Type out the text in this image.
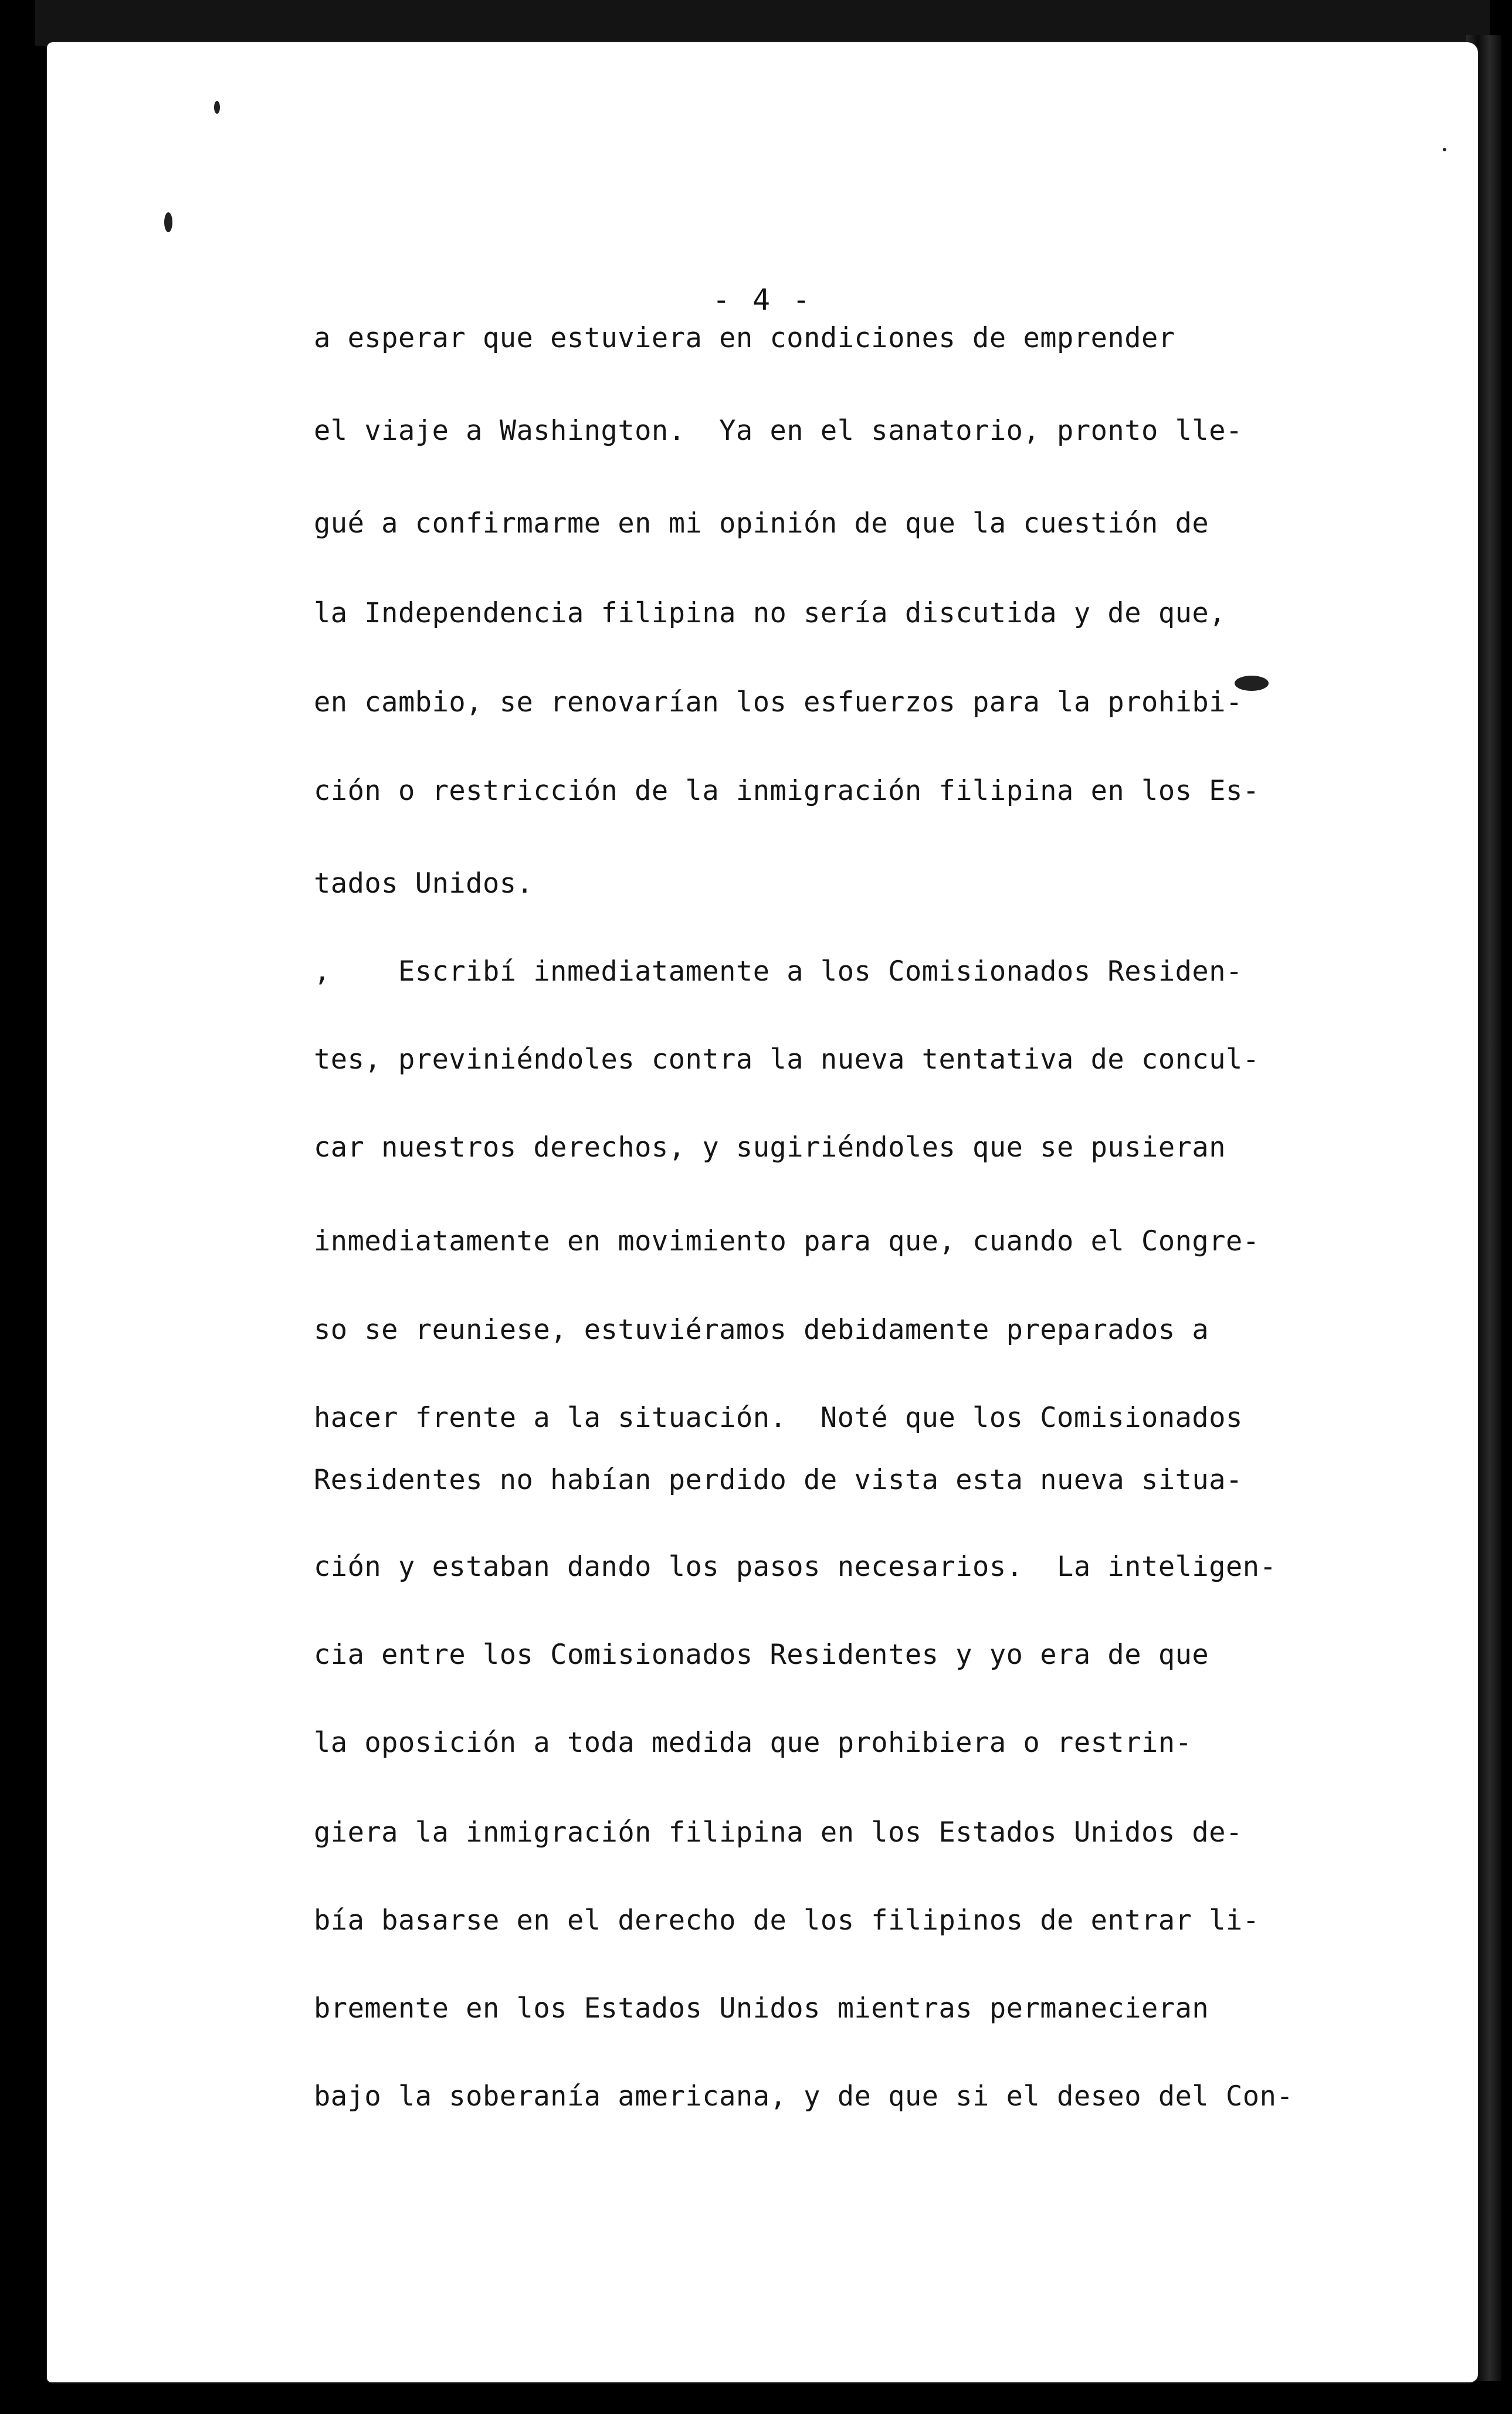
- 4 -
a esperar que estuviera en condiciones de emprender
el viaje a Washington.  Ya en el sanatorio, pronto lle-
gué a confirmarme en mi opinión de que la cuestión de
la Independencia filipina no sería discutida y de que,
en cambio, se renovarían los esfuerzos para la prohibi-
ción o restricción de la inmigración filipina en los Es-
tados Unidos.
,    Escribí inmediatamente a los Comisionados Residen-
tes, previniéndoles contra la nueva tentativa de concul-
car nuestros derechos, y sugiriéndoles que se pusieran
inmediatamente en movimiento para que, cuando el Congre-
so se reuniese, estuviéramos debidamente preparados a
hacer frente a la situación.  Noté que los Comisionados
Residentes no habían perdido de vista esta nueva situa-
ción y estaban dando los pasos necesarios.  La inteligen-
cia entre los Comisionados Residentes y yo era de que
la oposición a toda medida que prohibiera o restrin-
giera la inmigración filipina en los Estados Unidos de-
bía basarse en el derecho de los filipinos de entrar li-
bremente en los Estados Unidos mientras permanecieran
bajo la soberanía americana, y de que si el deseo del Con-
